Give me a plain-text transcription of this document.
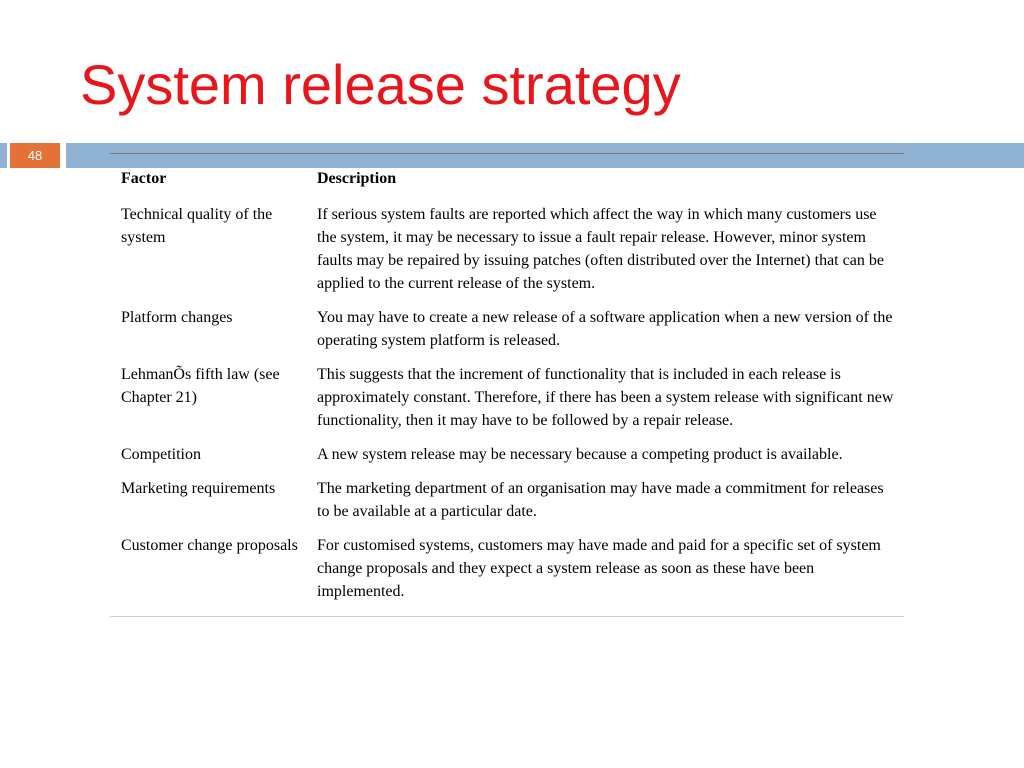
System release strategy
48
Factor	Description
Technical quality of the system	If serious system faults are reported which affect the way in which many customers use the system, it may be necessary to issue a fault repair release. However, minor system faults may be repaired by issuing patches (often distributed over the Internet) that can be applied to the current release of the system.
Platform changes	You may have to create a new release of a software application when a new version of the operating system platform is released.
LehmanÕs fifth law (see Chapter 21)	This suggests that the increment of functionality that is included in each release is approximately constant. Therefore, if there has been a system release with significant new functionality, then it may have to be followed by a repair release.
Competition	A new system release may be necessary because a competing product is available.
Marketing requirements	The marketing department of an organisation may have made a commitment for releases to be available at a particular date.
Customer change proposals	For customised systems, customers may have made and paid for a specific set of system change proposals and they expect a system release as soon as these have been implemented.
